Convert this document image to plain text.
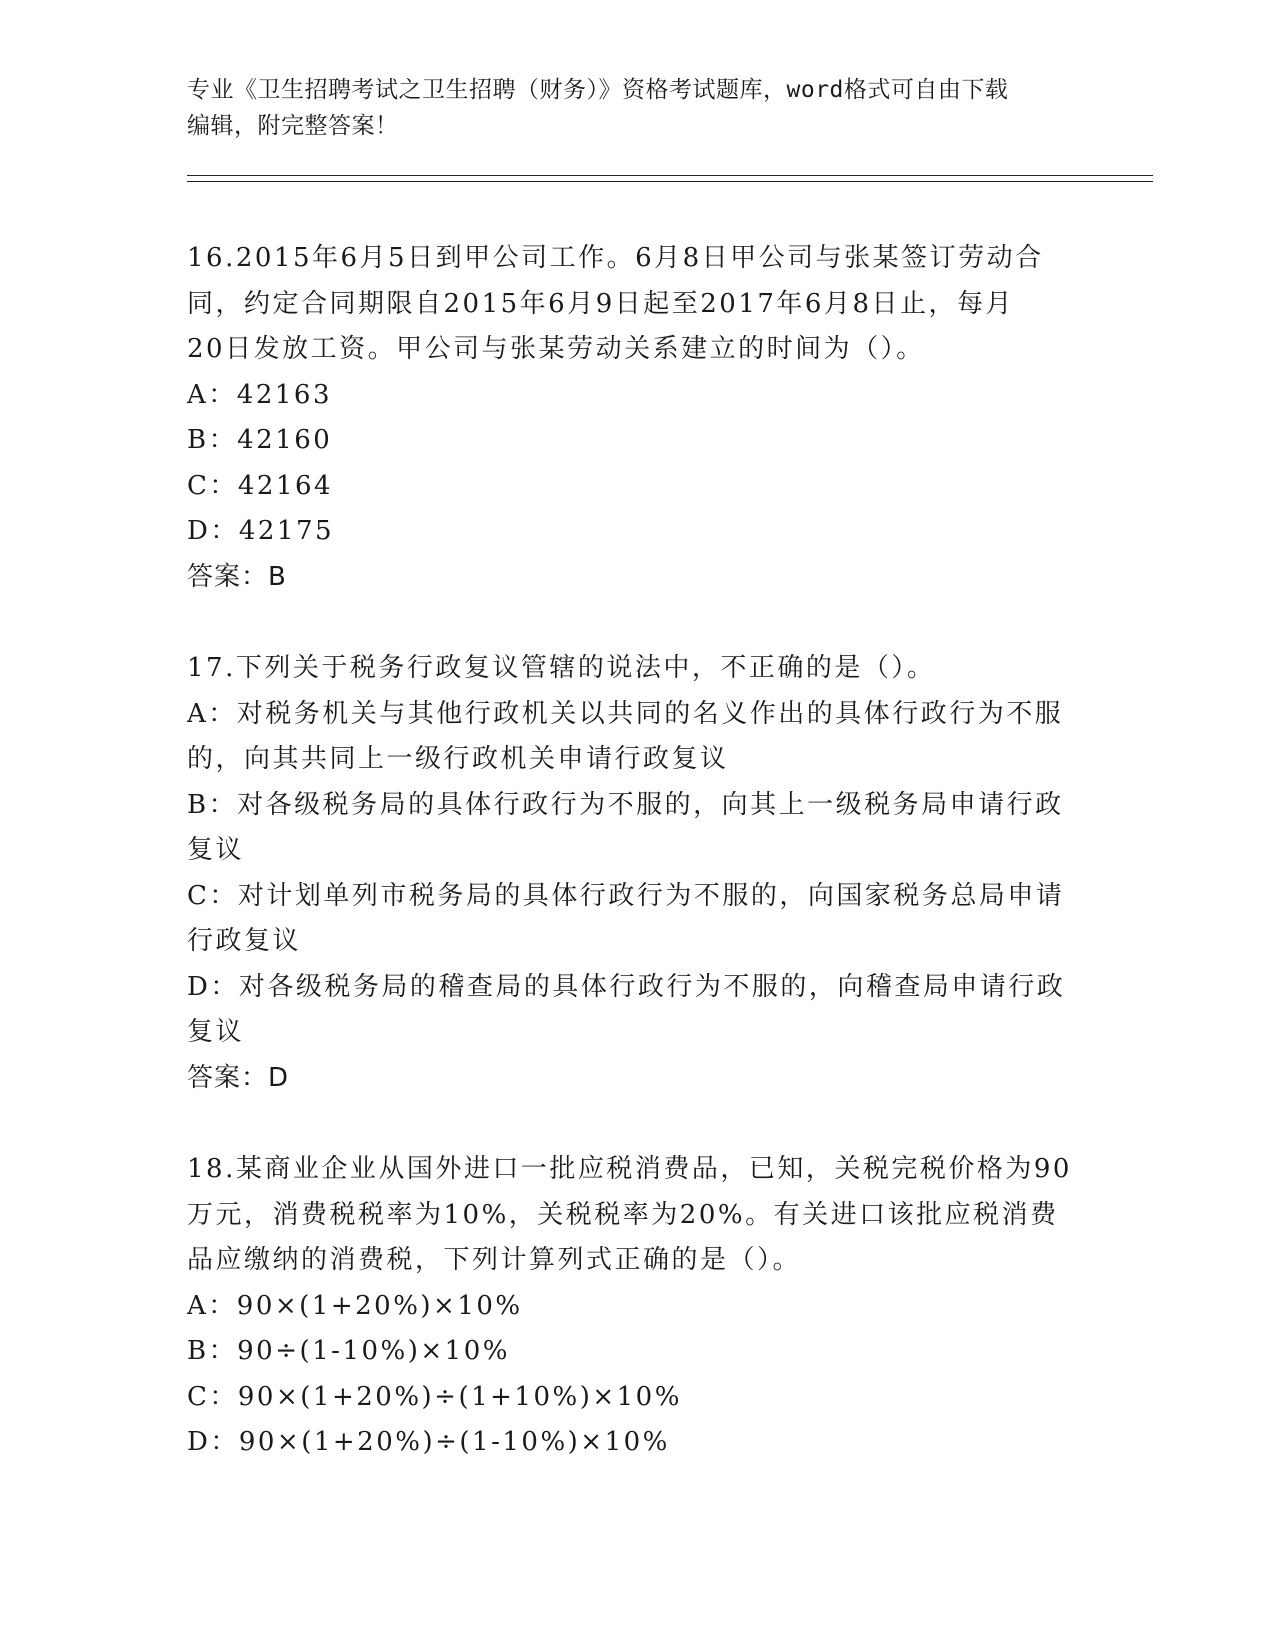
专业《卫生招聘考试之卫生招聘（财务）》资格考试题库，word格式可自由下载
编辑，附完整答案！
16.2015年6月5日到甲公司工作。6月8日甲公司与张某签订劳动合
同，约定合同期限自2015年6月9日起至2017年6月8日止，每月
20日发放工资。甲公司与张某劳动关系建立的时间为（）。
A：42163
B：42160
C：42164
D：42175
答案：B
17.下列关于税务行政复议管辖的说法中，不正确的是（）。
A：对税务机关与其他行政机关以共同的名义作出的具体行政行为不服
的，向其共同上一级行政机关申请行政复议
B：对各级税务局的具体行政行为不服的，向其上一级税务局申请行政
复议
C：对计划单列市税务局的具体行政行为不服的，向国家税务总局申请
行政复议
D：对各级税务局的稽查局的具体行政行为不服的，向稽查局申请行政
复议
答案：D
18.某商业企业从国外进口一批应税消费品，已知，关税完税价格为90
万元，消费税税率为10%，关税税率为20%。有关进口该批应税消费
品应缴纳的消费税，下列计算列式正确的是（）。
A：90×(1+20%)×10%
B：90÷(1-10%)×10%
C：90×(1+20%)÷(1+10%)×10%
D：90×(1+20%)÷(1-10%)×10%
